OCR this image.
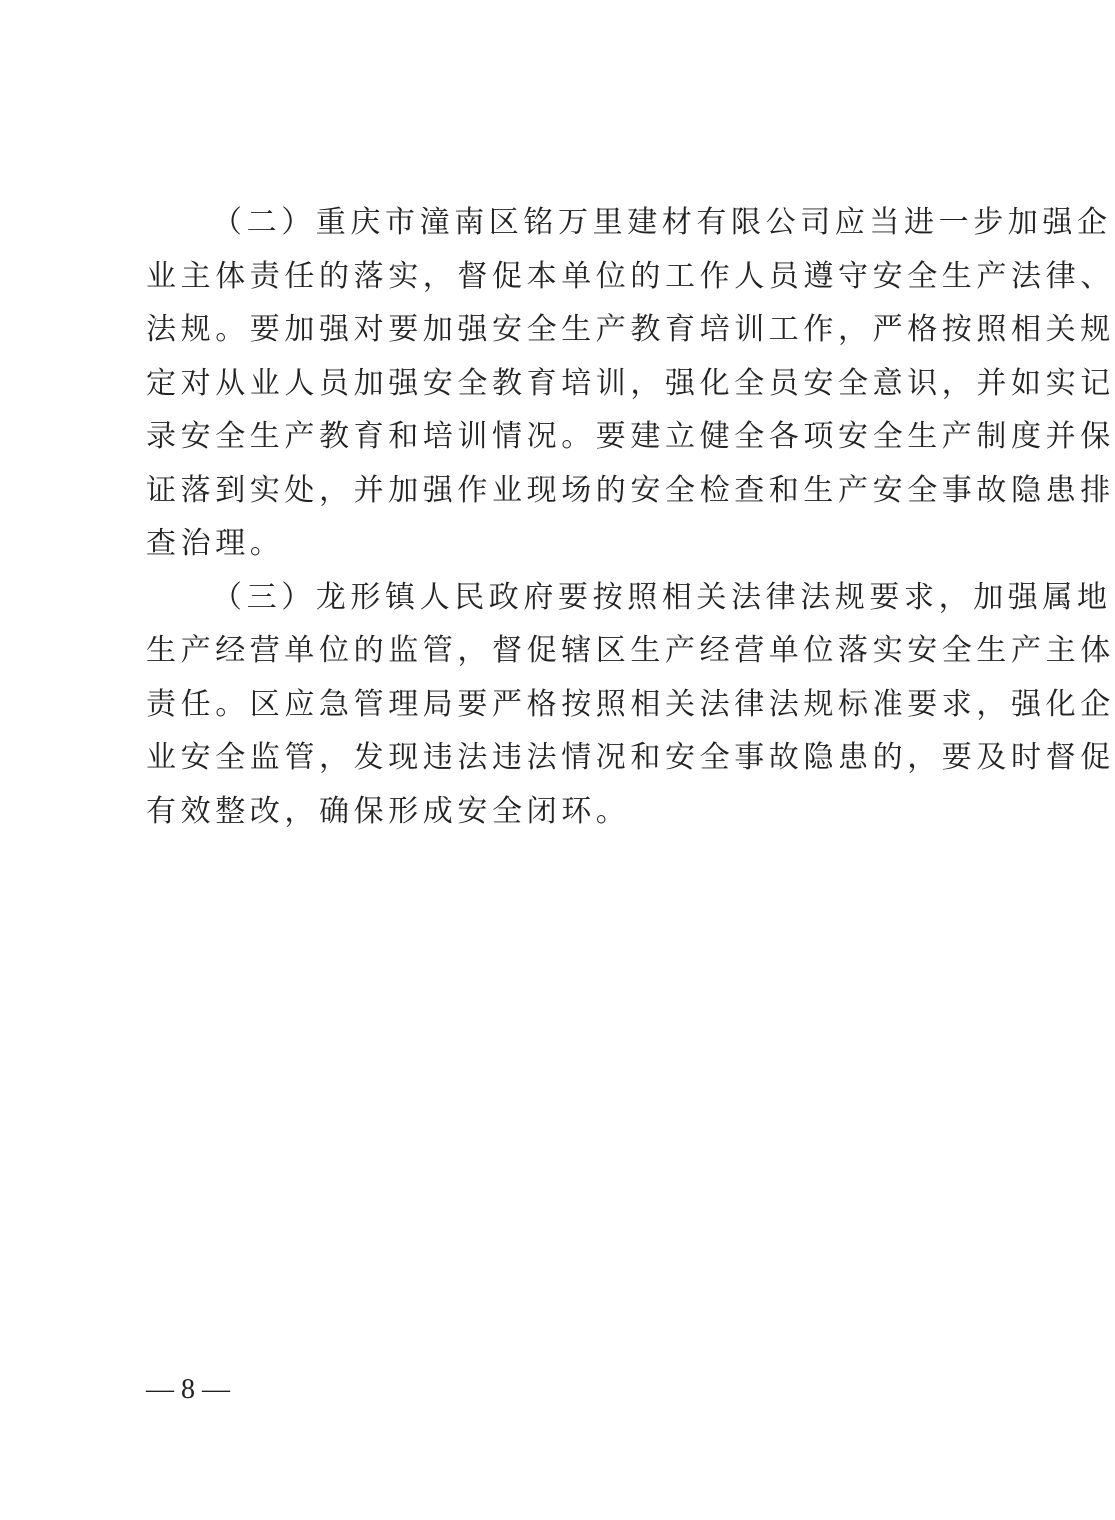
（二）重庆市潼南区铭万里建材有限公司应当进一步加强企
业主体责任的落实，督促本单位的工作人员遵守安全生产法律、
法规。要加强对要加强安全生产教育培训工作，严格按照相关规
定对从业人员加强安全教育培训，强化全员安全意识，并如实记
录安全生产教育和培训情况。要建立健全各项安全生产制度并保
证落到实处，并加强作业现场的安全检查和生产安全事故隐患排
查治理。

（三）龙形镇人民政府要按照相关法律法规要求，加强属地
生产经营单位的监管，督促辖区生产经营单位落实安全生产主体
责任。区应急管理局要严格按照相关法律法规标准要求，强化企
业安全监管，发现违法违法情况和安全事故隐患的，要及时督促
有效整改，确保形成安全闭环。

— 8 —
